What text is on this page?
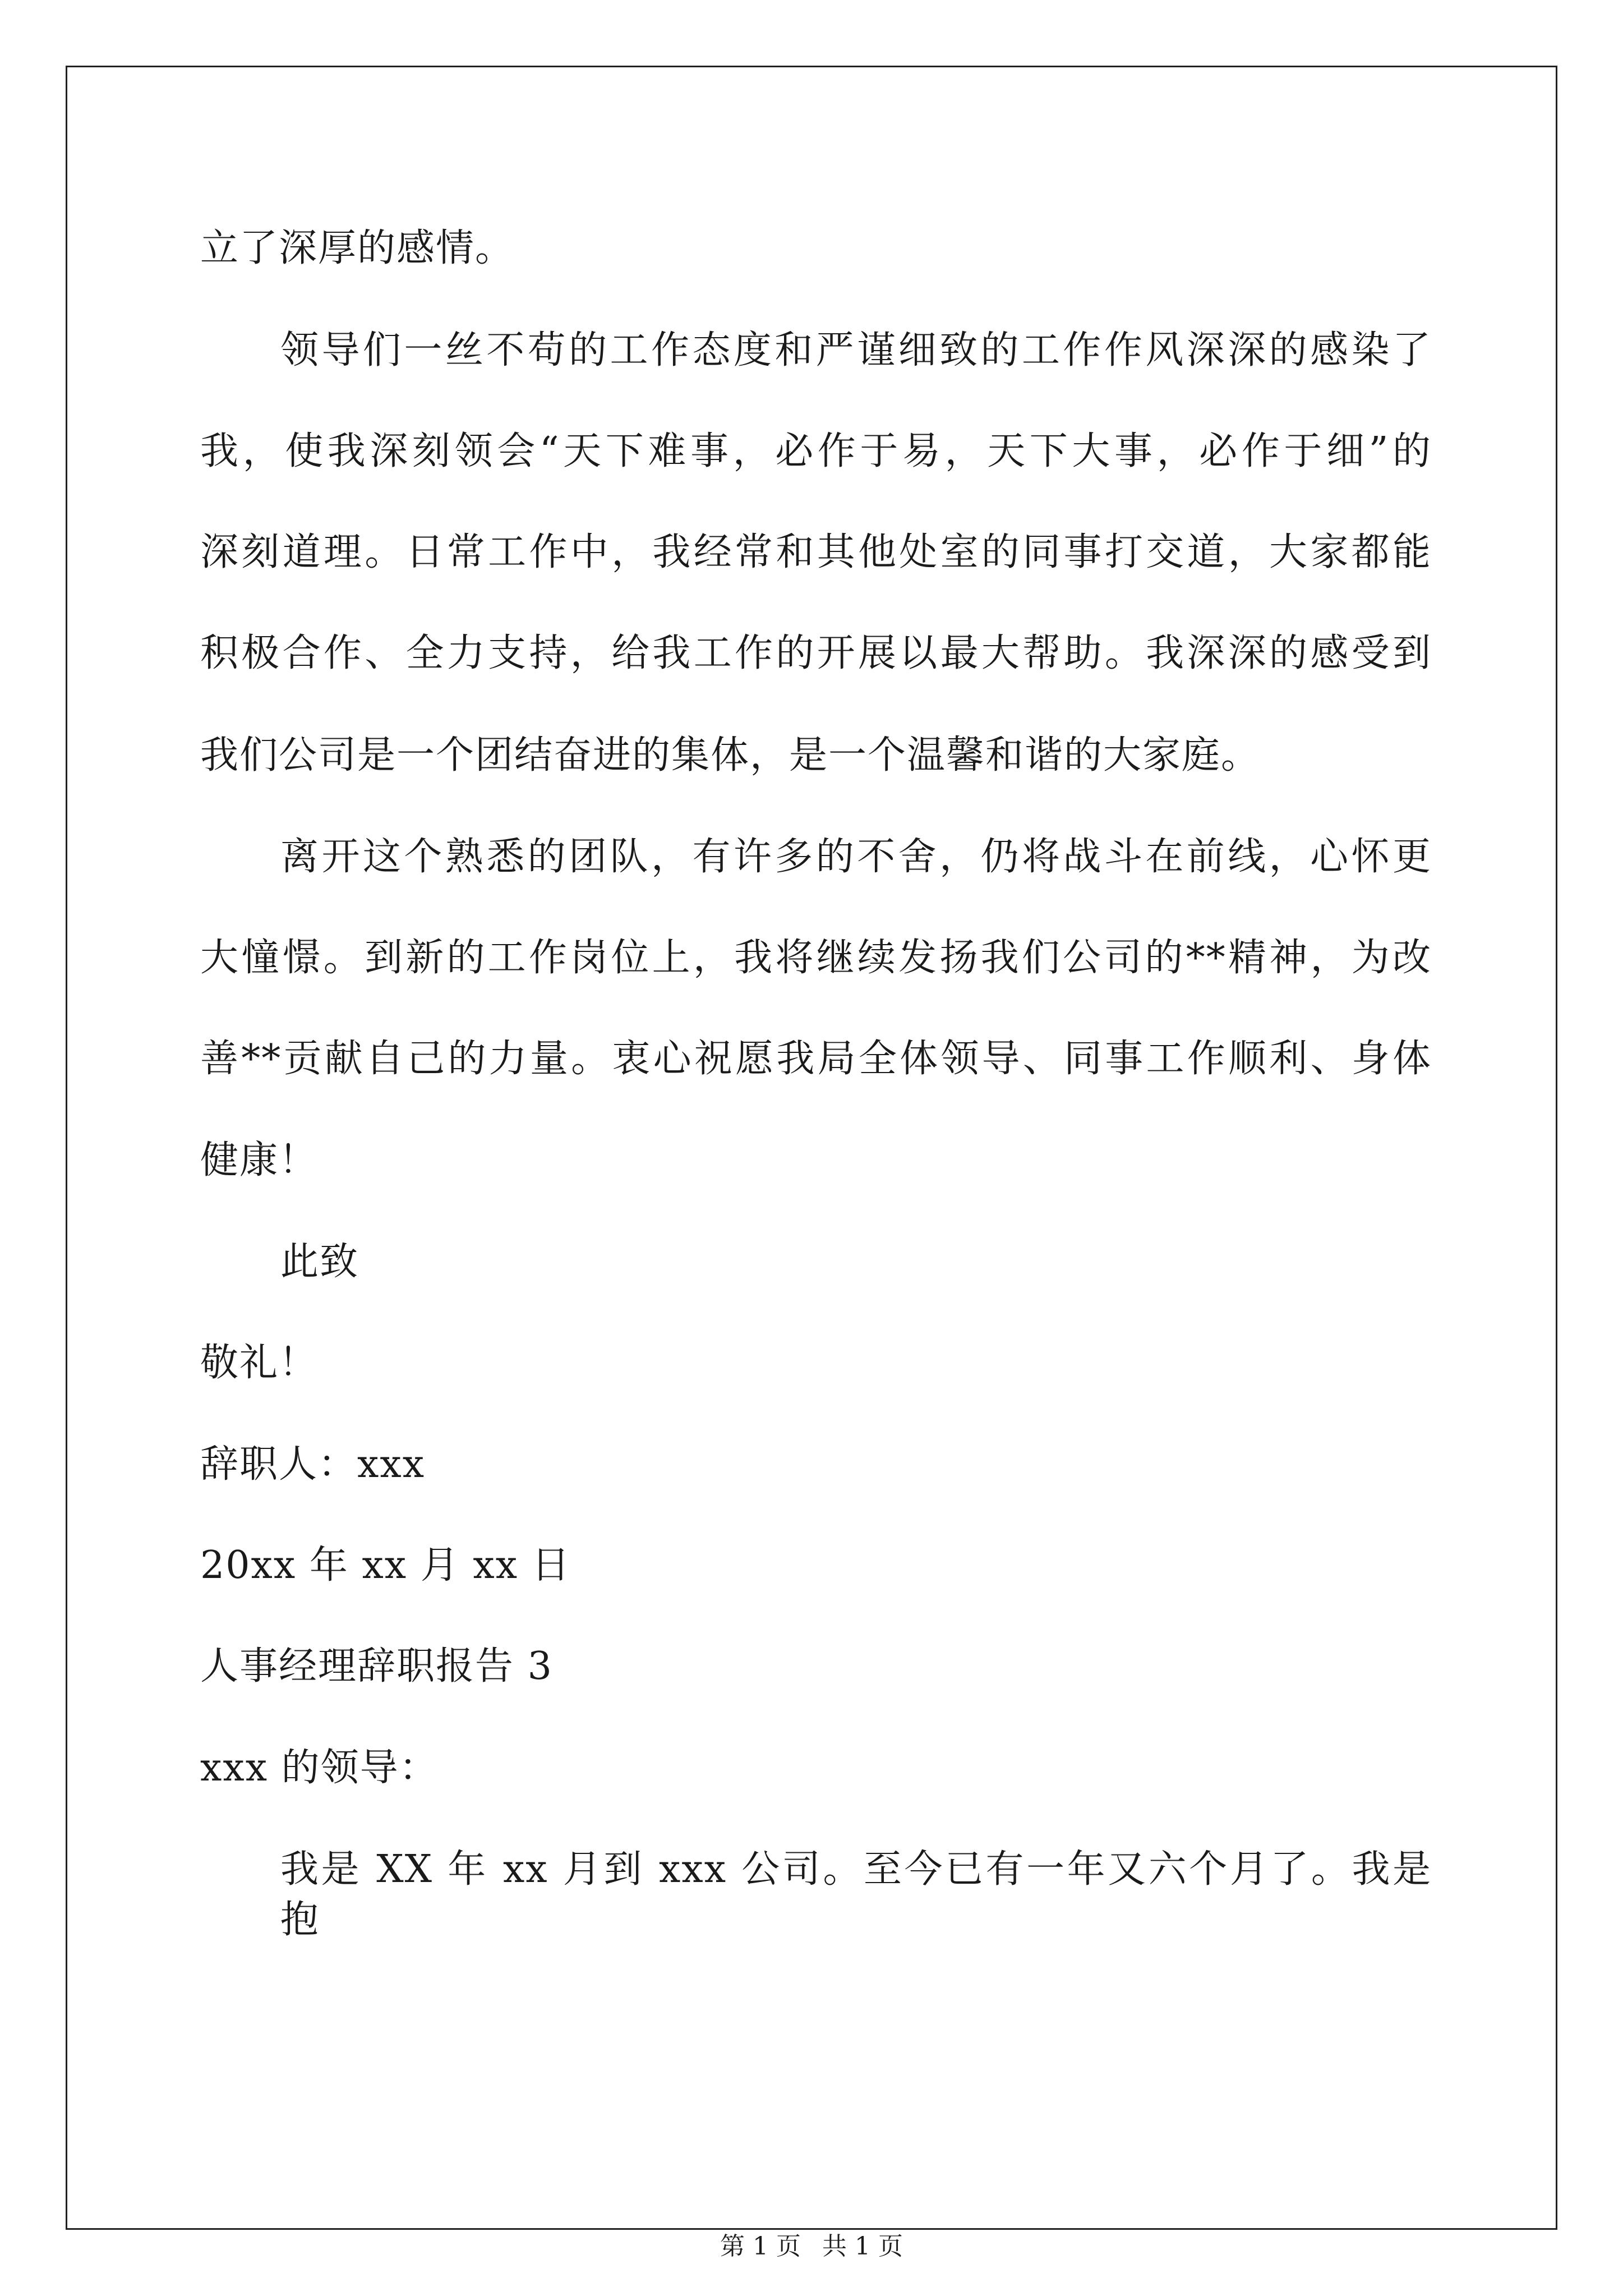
立了深厚的感情。
领导们一丝不苟的工作态度和严谨细致的工作作风深深的感染了
我，使我深刻领会“天下难事，必作于易，天下大事，必作于细”的
深刻道理。日常工作中，我经常和其他处室的同事打交道，大家都能
积极合作、全力支持，给我工作的开展以最大帮助。我深深的感受到
我们公司是一个团结奋进的集体，是一个温馨和谐的大家庭。
离开这个熟悉的团队，有许多的不舍，仍将战斗在前线，心怀更
大憧憬。到新的工作岗位上，我将继续发扬我们公司的**精神，为改
善**贡献自己的力量。衷心祝愿我局全体领导、同事工作顺利、身体
健康！
此致
敬礼！
辞职人：xxx
20xx 年 xx 月 xx 日
人事经理辞职报告 3
xxx 的领导：
我是 XX 年 xx 月到 xxx 公司。至今已有一年又六个月了。我是抱
第 1 页 共 1 页
